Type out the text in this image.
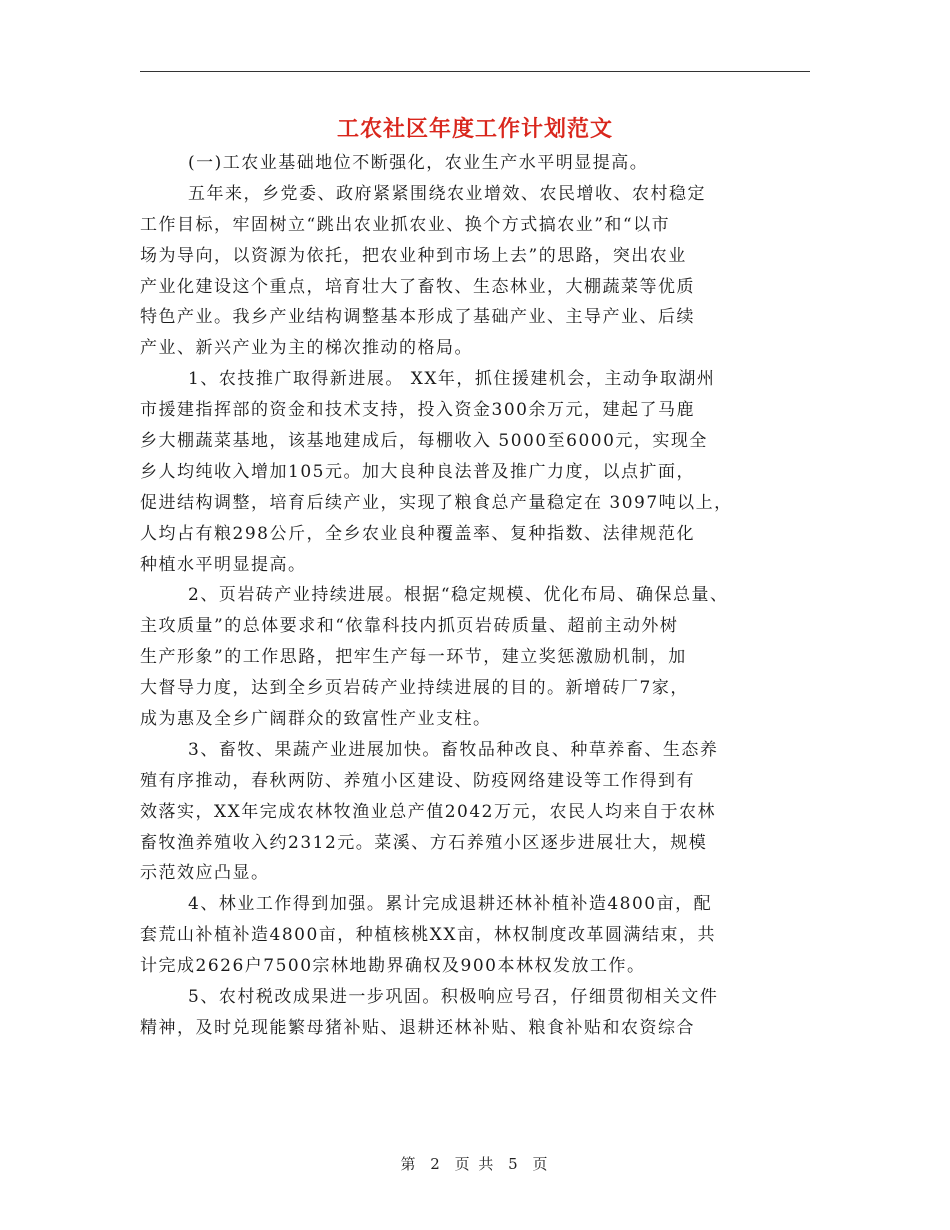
工农社区年度工作计划范文
(一)工农业基础地位不断强化，农业生产水平明显提高。
五年来，乡党委、政府紧紧围绕农业增效、农民增收、农村稳定
工作目标，牢固树立“跳出农业抓农业、换个方式搞农业”和“以市
场为导向，以资源为依托，把农业种到市场上去”的思路，突出农业
产业化建设这个重点，培育壮大了畜牧、生态林业，大棚蔬菜等优质
特色产业。我乡产业结构调整基本形成了基础产业、主导产业、后续
产业、新兴产业为主的梯次推动的格局。
1、农技推广取得新进展。 XX年，抓住援建机会，主动争取湖州
市援建指挥部的资金和技术支持，投入资金300余万元，建起了马鹿
乡大棚蔬菜基地，该基地建成后，每棚收入 5000至6000元，实现全
乡人均纯收入增加105元。加大良种良法普及推广力度，以点扩面，
促进结构调整，培育后续产业，实现了粮食总产量稳定在 3097吨以上，
人均占有粮298公斤，全乡农业良种覆盖率、复种指数、法律规范化
种植水平明显提高。
2、页岩砖产业持续进展。根据“稳定规模、优化布局、确保总量、
主攻质量”的总体要求和“依靠科技内抓页岩砖质量、超前主动外树
生产形象”的工作思路，把牢生产每一环节，建立奖惩激励机制，加
大督导力度，达到全乡页岩砖产业持续进展的目的。新增砖厂7家，
成为惠及全乡广阔群众的致富性产业支柱。
3、畜牧、果蔬产业进展加快。畜牧品种改良、种草养畜、生态养
殖有序推动，春秋两防、养殖小区建设、防疫网络建设等工作得到有
效落实，XX年完成农林牧渔业总产值2042万元，农民人均来自于农林
畜牧渔养殖收入约2312元。菜溪、方石养殖小区逐步进展壮大，规模
示范效应凸显。
4、林业工作得到加强。累计完成退耕还林补植补造4800亩，配
套荒山补植补造4800亩，种植核桃XX亩，林权制度改革圆满结束，共
计完成2626户7500宗林地勘界确权及900本林权发放工作。
5、农村税改成果进一步巩固。积极响应号召，仔细贯彻相关文件
精神，及时兑现能繁母猪补贴、退耕还林补贴、粮食补贴和农资综合
第 2 页 共 5 页
